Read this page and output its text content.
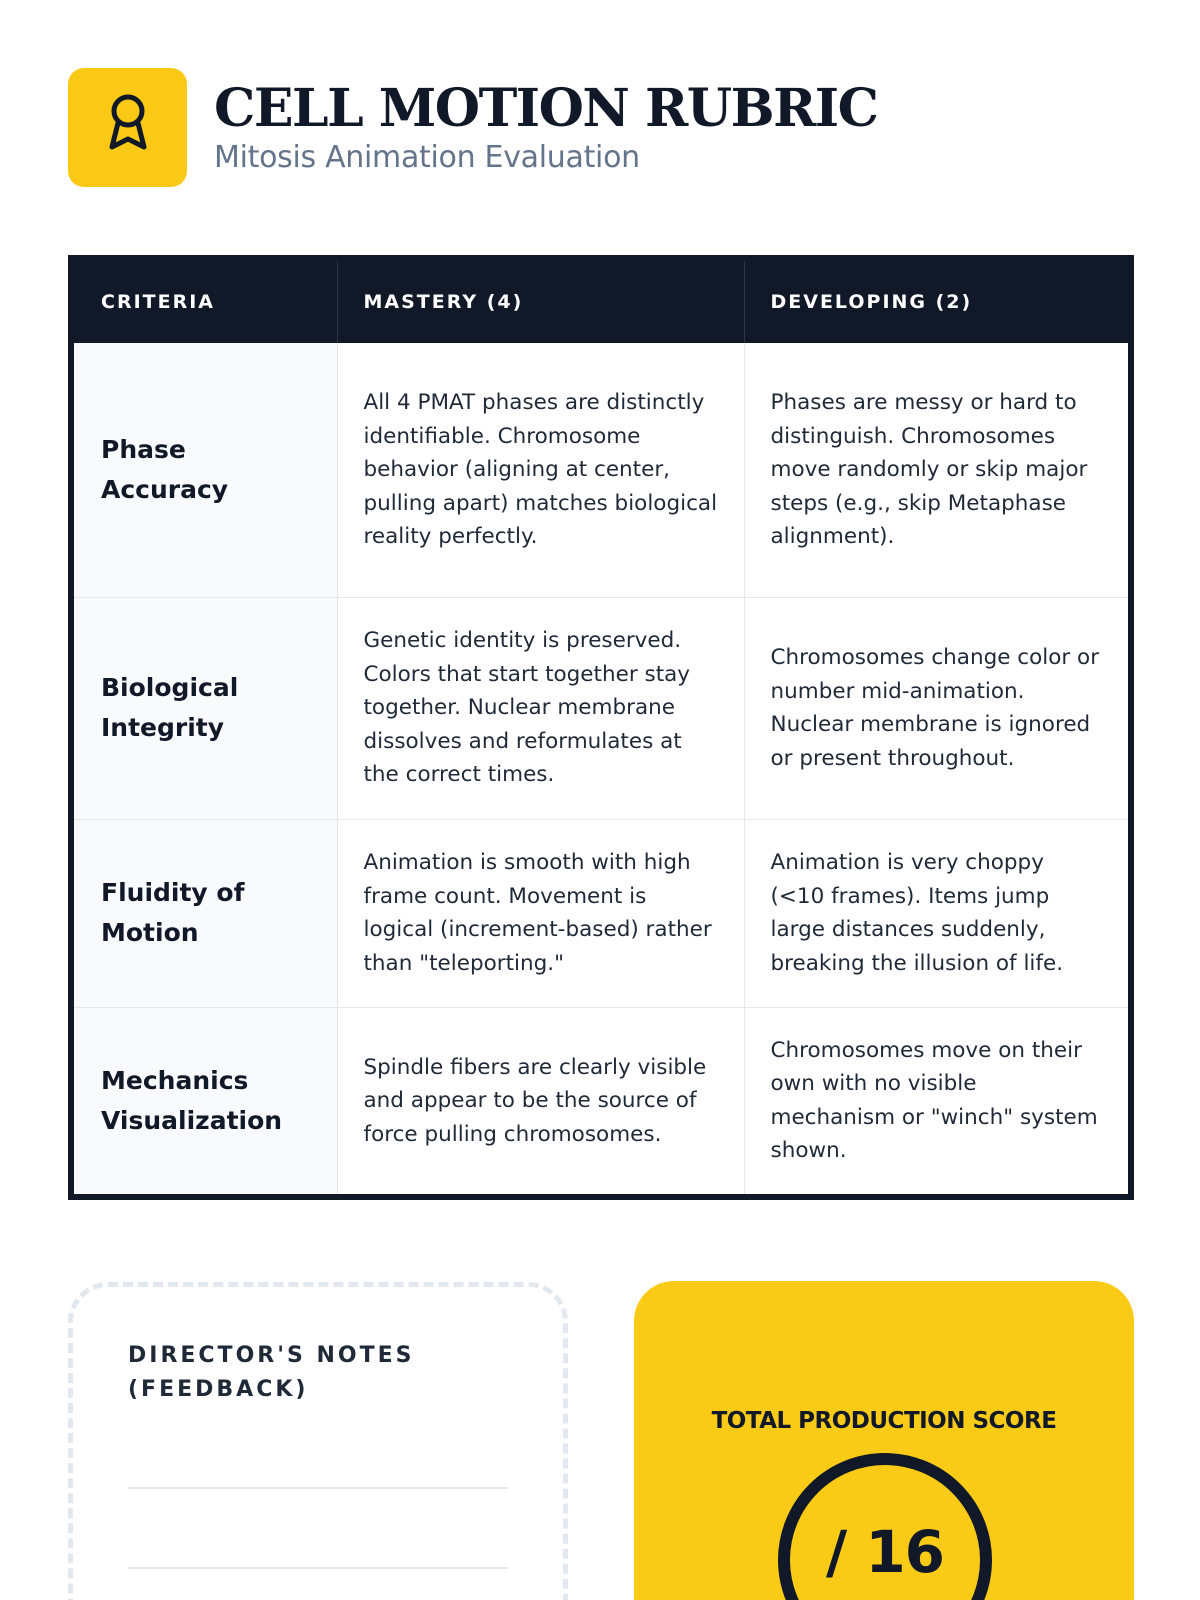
CELL MOTION RUBRIC
Mitosis Animation Evaluation
CRITERIA	MASTERY (4)	DEVELOPING (2)
Phase Accuracy	All 4 PMAT phases are distinctly identifiable. Chromosome behavior (aligning at center, pulling apart) matches biological reality perfectly.	Phases are messy or hard to distinguish. Chromosomes move randomly or skip major steps (e.g., skip Metaphase alignment).
Biological Integrity	Genetic identity is preserved. Colors that start together stay together. Nuclear membrane dissolves and reformulates at the correct times.	Chromosomes change color or number mid-animation. Nuclear membrane is ignored or present throughout.
Fluidity of Motion	Animation is smooth with high frame count. Movement is logical (increment-based) rather than "teleporting."	Animation is very choppy (<10 frames). Items jump large distances suddenly, breaking the illusion of life.
Mechanics Visualization	Spindle fibers are clearly visible and appear to be the source of force pulling chromosomes.	Chromosomes move on their own with no visible mechanism or "winch" system shown.
DIRECTOR'S NOTES (FEEDBACK)
TOTAL PRODUCTION SCORE
/ 16
